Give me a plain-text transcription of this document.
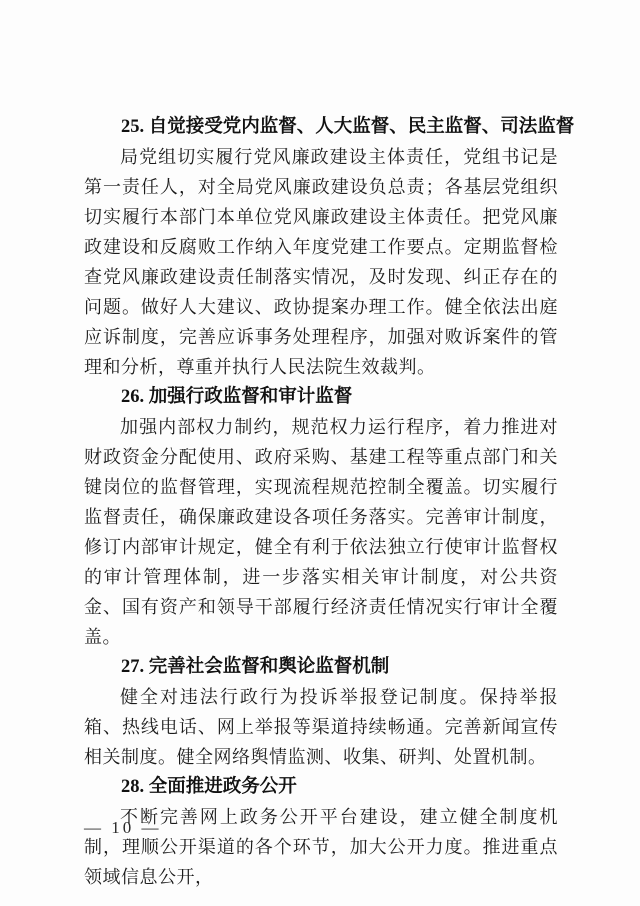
25. 自觉接受党内监督、人大监督、民主监督、司法监督

局党组切实履行党风廉政建设主体责任，党组书记是第一责任人，对全局党风廉政建设负总责；各基层党组织切实履行本部门本单位党风廉政建设主体责任。把党风廉政建设和反腐败工作纳入年度党建工作要点。定期监督检查党风廉政建设责任制落实情况，及时发现、纠正存在的问题。做好人大建议、政协提案办理工作。健全依法出庭应诉制度，完善应诉事务处理程序，加强对败诉案件的管理和分析，尊重并执行人民法院生效裁判。

26. 加强行政监督和审计监督

加强内部权力制约，规范权力运行程序，着力推进对财政资金分配使用、政府采购、基建工程等重点部门和关键岗位的监督管理，实现流程规范控制全覆盖。切实履行监督责任，确保廉政建设各项任务落实。完善审计制度，修订内部审计规定，健全有利于依法独立行使审计监督权的审计管理体制，进一步落实相关审计制度，对公共资金、国有资产和领导干部履行经济责任情况实行审计全覆盖。

27. 完善社会监督和舆论监督机制

健全对违法行政行为投诉举报登记制度。保持举报箱、热线电话、网上举报等渠道持续畅通。完善新闻宣传相关制度。健全网络舆情监测、收集、研判、处置机制。

28. 全面推进政务公开

不断完善网上政务公开平台建设，建立健全制度机制，理顺公开渠道的各个环节，加大公开力度。推进重点领域信息公开，

— 10 —
